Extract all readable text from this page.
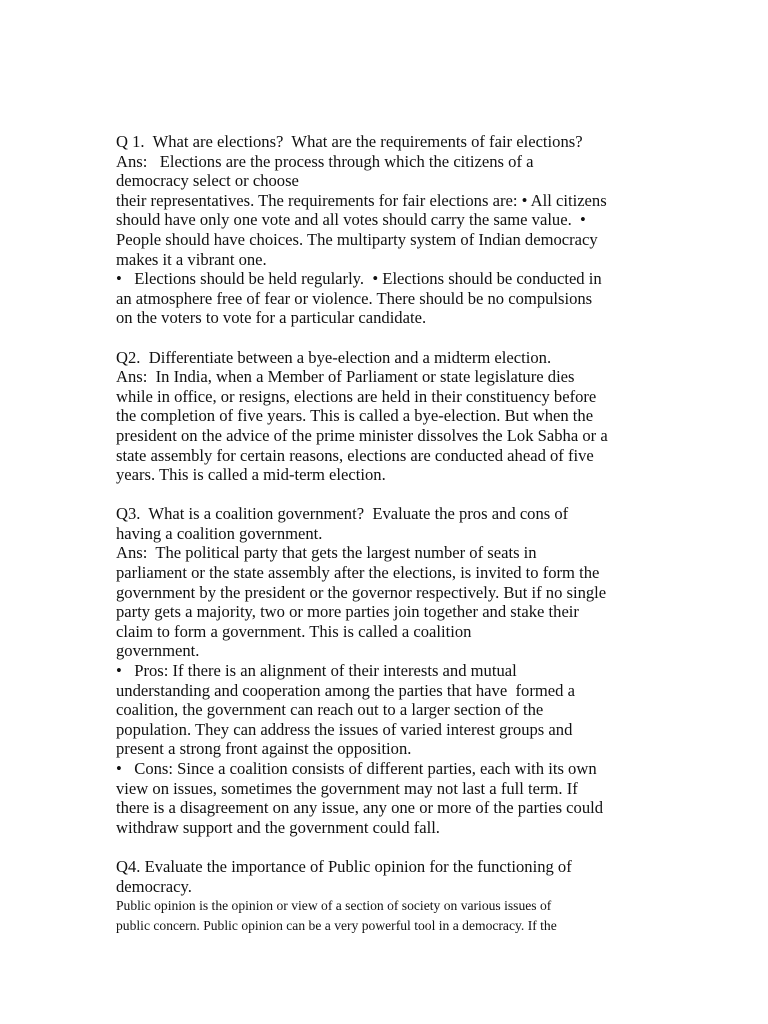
Q 1.  What are elections?  What are the requirements of fair elections?
Ans:   Elections are the process through which the citizens of a
democracy select or choose
their representatives. The requirements for fair elections are: • All citizens
should have only one vote and all votes should carry the same value.  •
People should have choices. The multiparty system of Indian democracy
makes it a vibrant one.
•   Elections should be held regularly.  • Elections should be conducted in
an atmosphere free of fear or violence. There should be no compulsions
on the voters to vote for a particular candidate.
Q2.  Differentiate between a bye-election and a midterm election.
Ans:  In India, when a Member of Parliament or state legislature dies
while in office, or resigns, elections are held in their constituency before
the completion of five years. This is called a bye-election. But when the
president on the advice of the prime minister dissolves the Lok Sabha or a
state assembly for certain reasons, elections are conducted ahead of five
years. This is called a mid-term election.
Q3.  What is a coalition government?  Evaluate the pros and cons of
having a coalition government.
Ans:  The political party that gets the largest number of seats in
parliament or the state assembly after the elections, is invited to form the
government by the president or the governor respectively. But if no single
party gets a majority, two or more parties join together and stake their
claim to form a government. This is called a coalition
government.
•   Pros: If there is an alignment of their interests and mutual
understanding and cooperation among the parties that have  formed a
coalition, the government can reach out to a larger section of the
population. They can address the issues of varied interest groups and
present a strong front against the opposition.
•   Cons: Since a coalition consists of different parties, each with its own
view on issues, sometimes the government may not last a full term. If
there is a disagreement on any issue, any one or more of the parties could
withdraw support and the government could fall.
Q4. Evaluate the importance of Public opinion for the functioning of
democracy.
Public opinion is the opinion or view of a section of society on various issues of
public concern. Public opinion can be a very powerful tool in a democracy. If the
